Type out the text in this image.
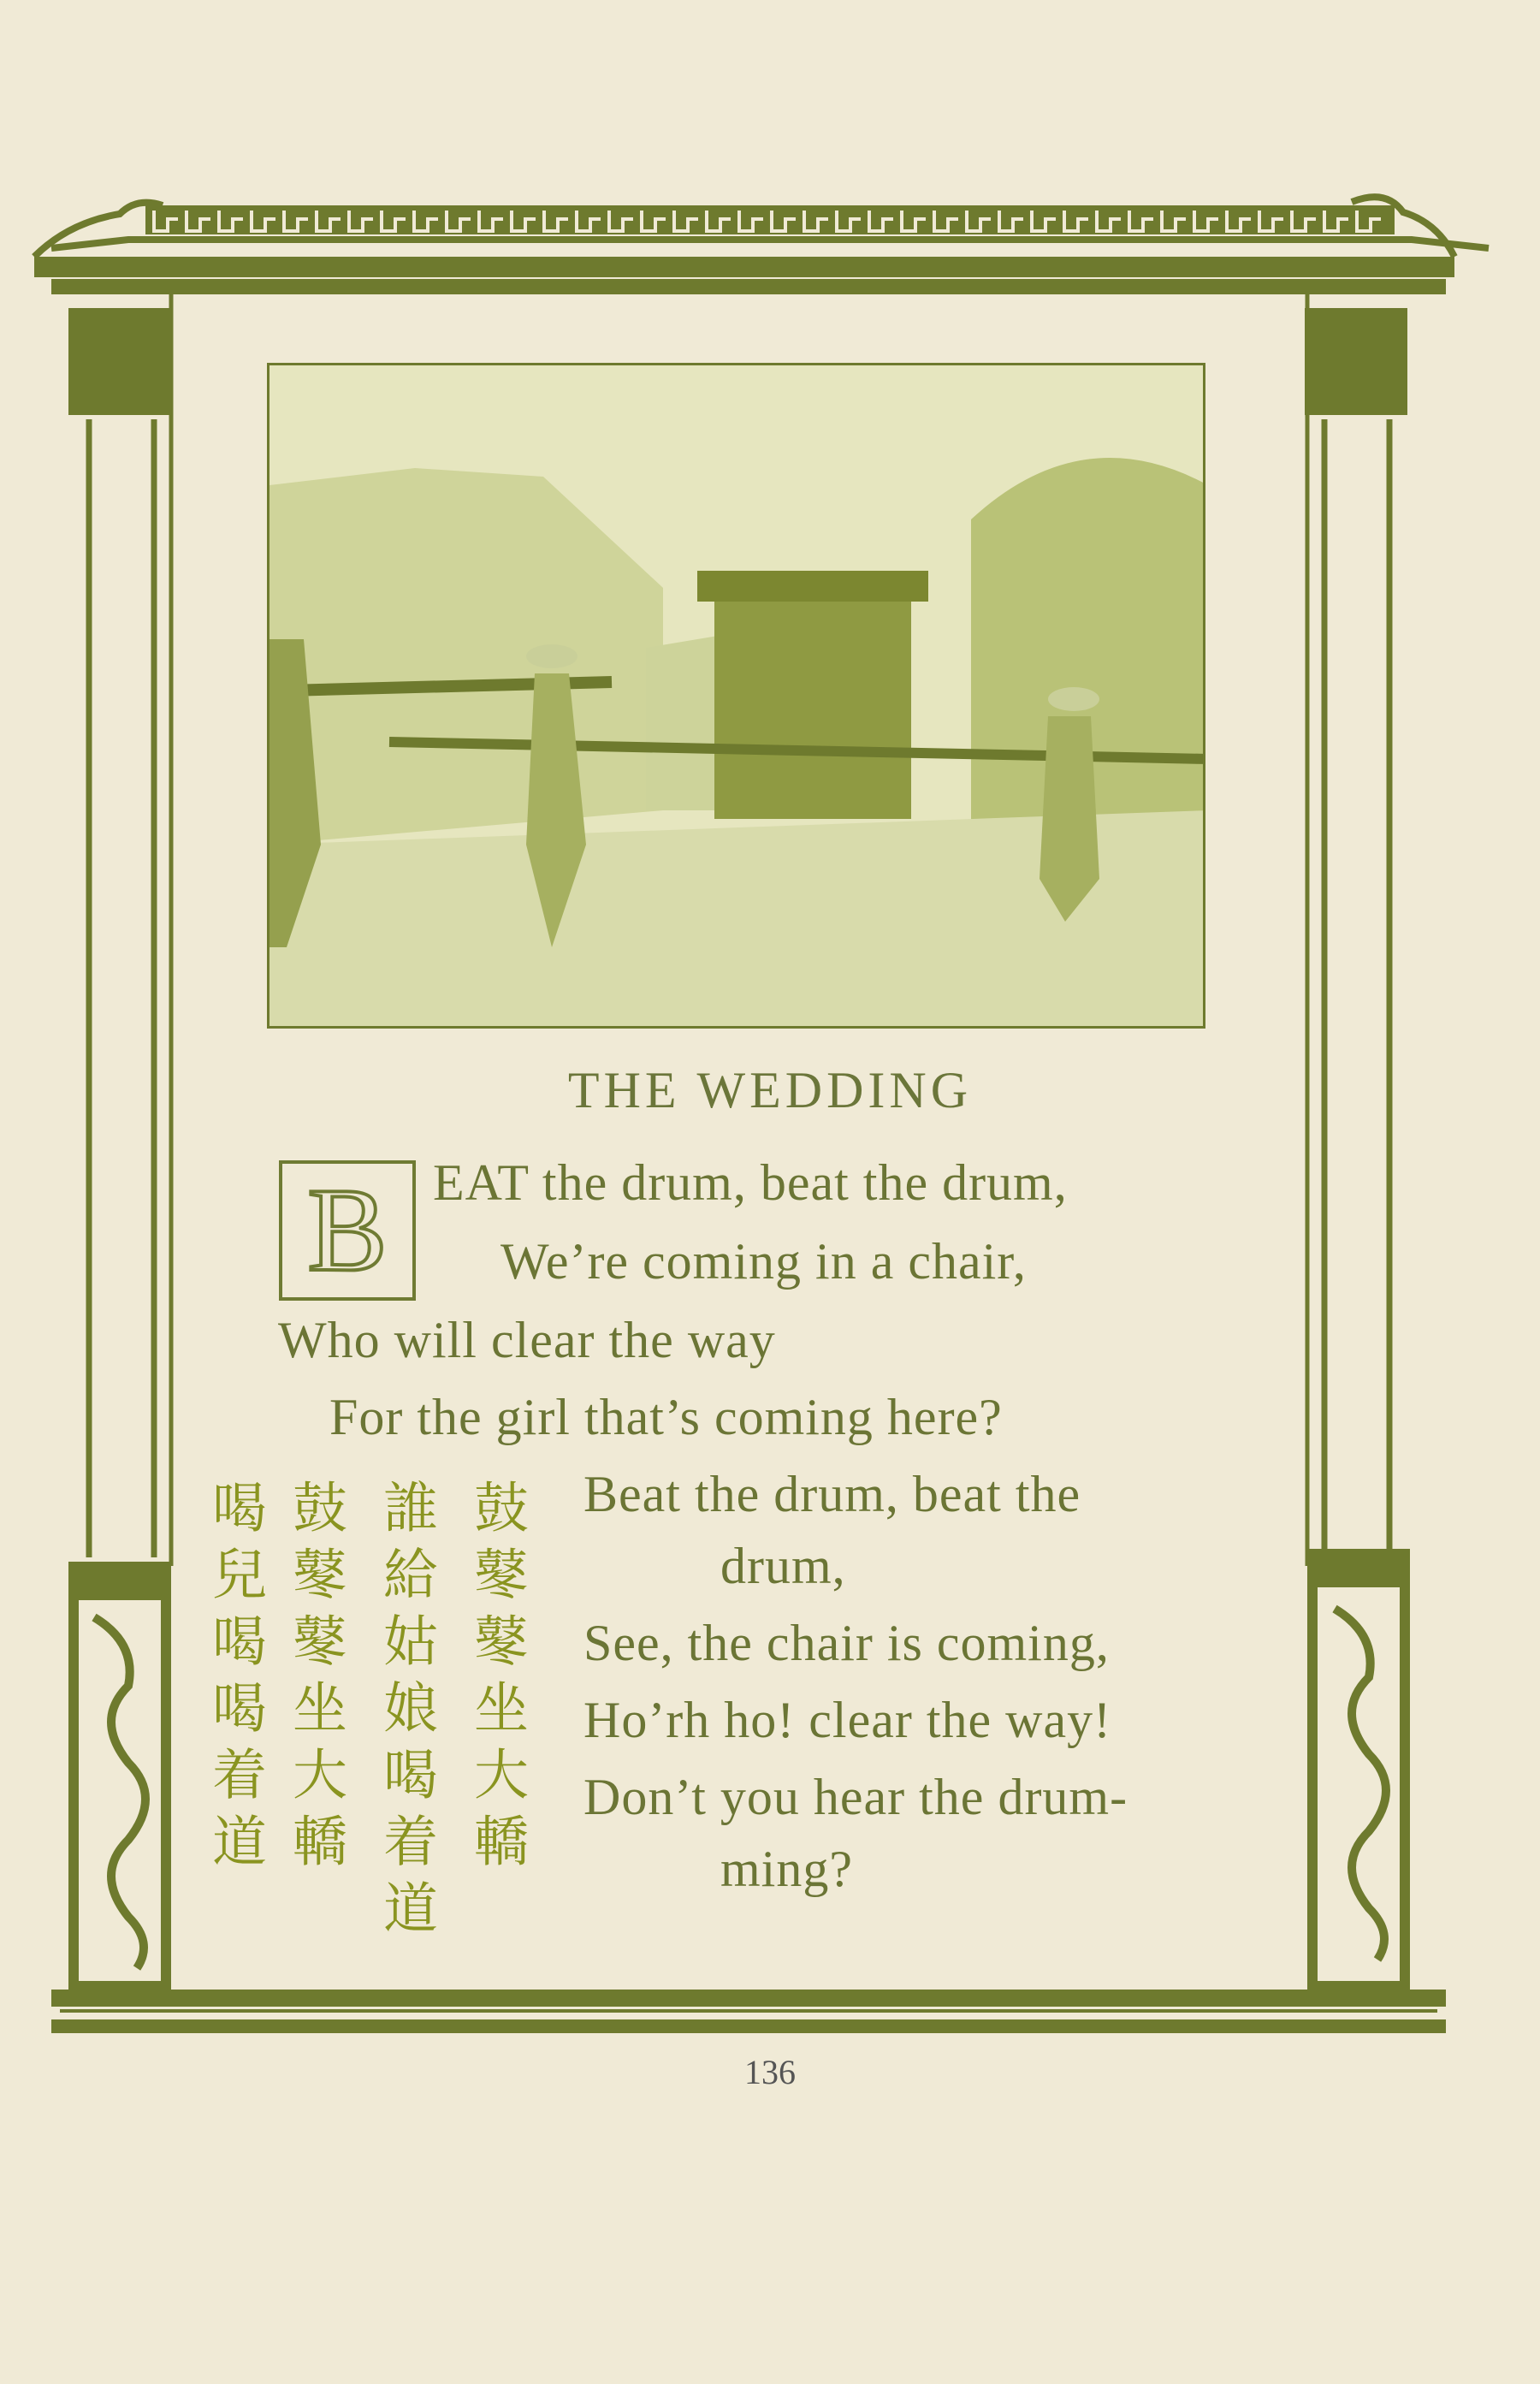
THE WEDDING
B EAT the drum, beat the drum,
We’re coming in a chair,
Who will clear the way
For the girl that’s coming here?
Beat the drum, beat the
drum,
See, the chair is coming,
Ho’rh ho! clear the way!
Don’t you hear the drum-
ming?
鼓鼕鼕坐大轎
誰給姑娘喝着道
鼓鼕鼕坐大轎
喝兒喝喝着道
136
